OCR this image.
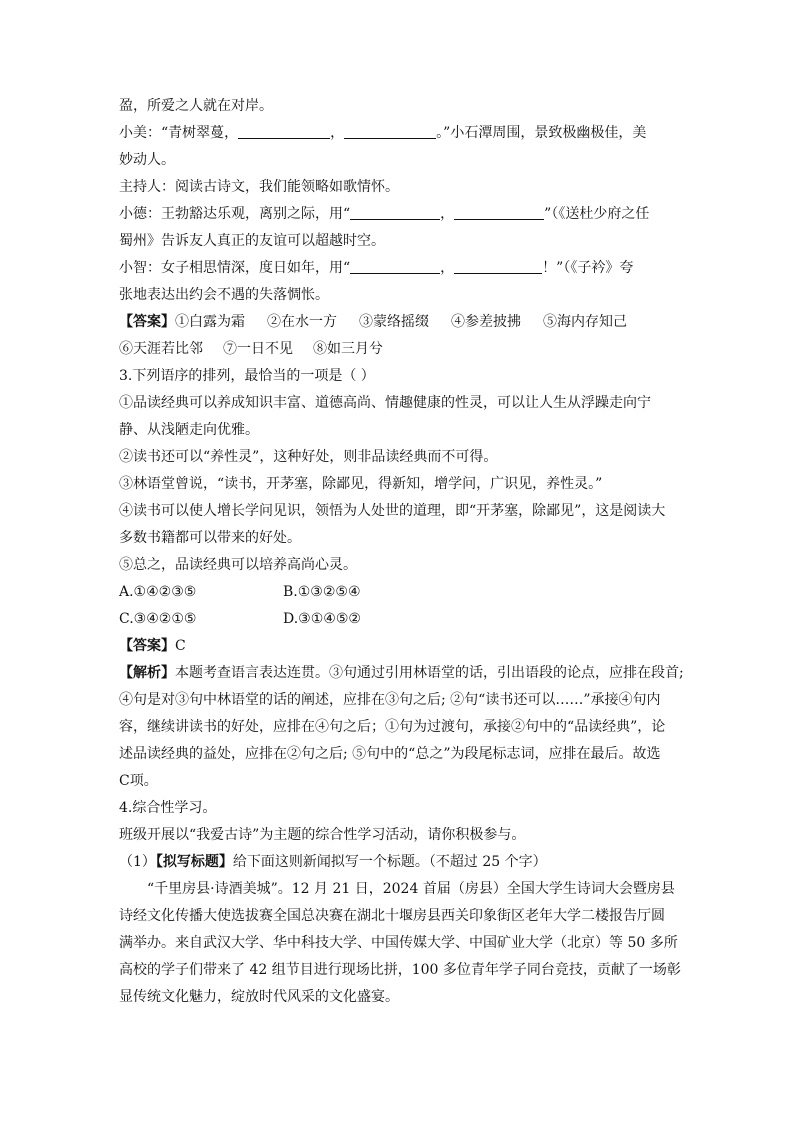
盈，所爱之人就在对岸。
小美：“青树翠蔓，	，	。”小石潭周围，景致极幽极佳，美
妙动人。
主持人：阅读古诗文，我们能领略如歌情怀。
小德：王勃豁达乐观，离别之际，用“	，	”（《送杜少府之任
蜀州》告诉友人真正的友谊可以超越时空。
小智：女子相思情深，度日如年，用“	，	！”（《子衿》夸
张地表达出约会不遇的失落惆怅。
【答案】①白露为霜 ②在水一方 ③蒙络摇缀 ④参差披拂 ⑤海内存知己
⑥天涯若比邻 ⑦一日不见 ⑧如三月兮
3.下列语序的排列，最恰当的一项是（ ）
①品读经典可以养成知识丰富、道德高尚、情趣健康的性灵，可以让人生从浮躁走向宁
静、从浅陋走向优雅。
②读书还可以“养性灵”，这种好处，则非品读经典而不可得。
③林语堂曾说，“读书，开茅塞，除鄙见，得新知，增学问，广识见，养性灵。”
④读书可以使人增长学问见识，领悟为人处世的道理，即“开茅塞，除鄙见”，这是阅读大
多数书籍都可以带来的好处。
⑤总之，品读经典可以培养高尚心灵。
A.①④②③⑤	B.①③②⑤④
C.③④②①⑤	D.③①④⑤②
【答案】C
【解析】本题考查语言表达连贯。③句通过引用林语堂的话，引出语段的论点，应排在段首;
④句是对③句中林语堂的话的阐述，应排在③句之后; ②句“读书还可以……”承接④句内
容，继续讲读书的好处，应排在④句之后；①句为过渡句，承接②句中的“品读经典”，论
述品读经典的益处，应排在②句之后; ⑤句中的“总之”为段尾标志词，应排在最后。故选
C项。
4.综合性学习。
班级开展以“我爱古诗”为主题的综合性学习活动，请你积极参与。
（1）【拟写标题】给下面这则新闻拟写一个标题。（不超过 25 个字）
“千里房县·诗酒美城”。12 月 21 日，2024 首届（房县）全国大学生诗词大会暨房县
诗经文化传播大使选拔赛全国总决赛在湖北十堰房县西关印象街区老年大学二楼报告厅圆
满举办。来自武汉大学、华中科技大学、中国传媒大学、中国矿业大学（北京）等 50 多所
高校的学子们带来了 42 组节目进行现场比拼，100 多位青年学子同台竞技，贡献了一场彰
显传统文化魅力，绽放时代风采的文化盛宴。
